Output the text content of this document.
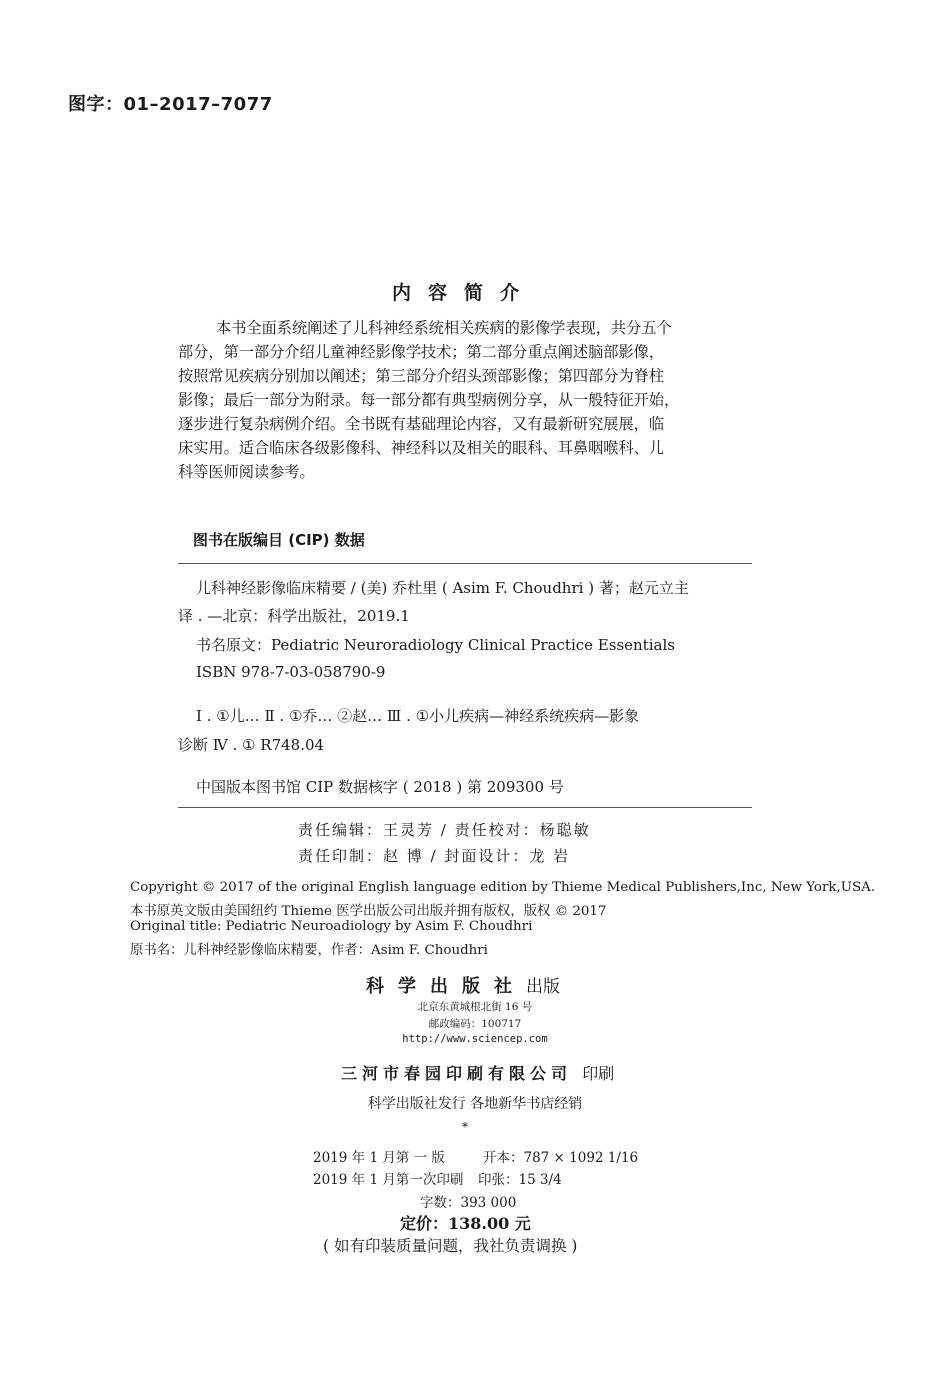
图字：01–2017–7077
内容简介
本书全面系统阐述了儿科神经系统相关疾病的影像学表现，共分五个
部分，第一部分介绍儿童神经影像学技术；第二部分重点阐述脑部影像，
按照常见疾病分别加以阐述；第三部分介绍头颈部影像；第四部分为脊柱
影像；最后一部分为附录。每一部分都有典型病例分享，从一般特征开始，
逐步进行复杂病例介绍。全书既有基础理论内容，又有最新研究展展，临
床实用。适合临床各级影像科、神经科以及相关的眼科、耳鼻咽喉科、儿
科等医师阅读参考。
图书在版编目 (CIP) 数据
儿科神经影像临床精要 / (美) 乔杜里 ( Asim F. Choudhri ) 著；赵元立主
译 . —北京：科学出版社，2019.1
书名原文：Pediatric Neuroradiology Clinical Practice Essentials
ISBN 978-7-03-058790-9
Ⅰ . ①儿… Ⅱ . ①乔… ②赵… Ⅲ . ①小儿疾病—神经系统疾病—影象
诊断 Ⅳ . ① R748.04
中国版本图书馆 CIP 数据核字 ( 2018 ) 第 209300 号
责任编辑：王灵芳 / 责任校对：杨聪敏
责任印制：赵 博 / 封面设计：龙 岩
Copyright © 2017 of the original English language edition by Thieme Medical Publishers,Inc, New York,USA.
本书原英文版由美国纽约 Thieme 医学出版公司出版并拥有版权，版权 © 2017
Original title: Pediatric Neuroadiology by Asim F. Choudhri
原书名：儿科神经影像临床精要，作者：Asim F. Choudhri
科学出版社出版
北京东黄城根北街 16 号
邮政编码：100717
http://www.sciencep.com
三河市春园印刷有限公司 印刷
科学出版社发行 各地新华书店经销
*
2019 年 1 月第 一 版	开本：787 × 1092 1/16
2019 年 1 月第一次印刷 印张：15 3/4
字数：393 000
定价：138.00 元
( 如有印装质量问题，我社负责调换 )
